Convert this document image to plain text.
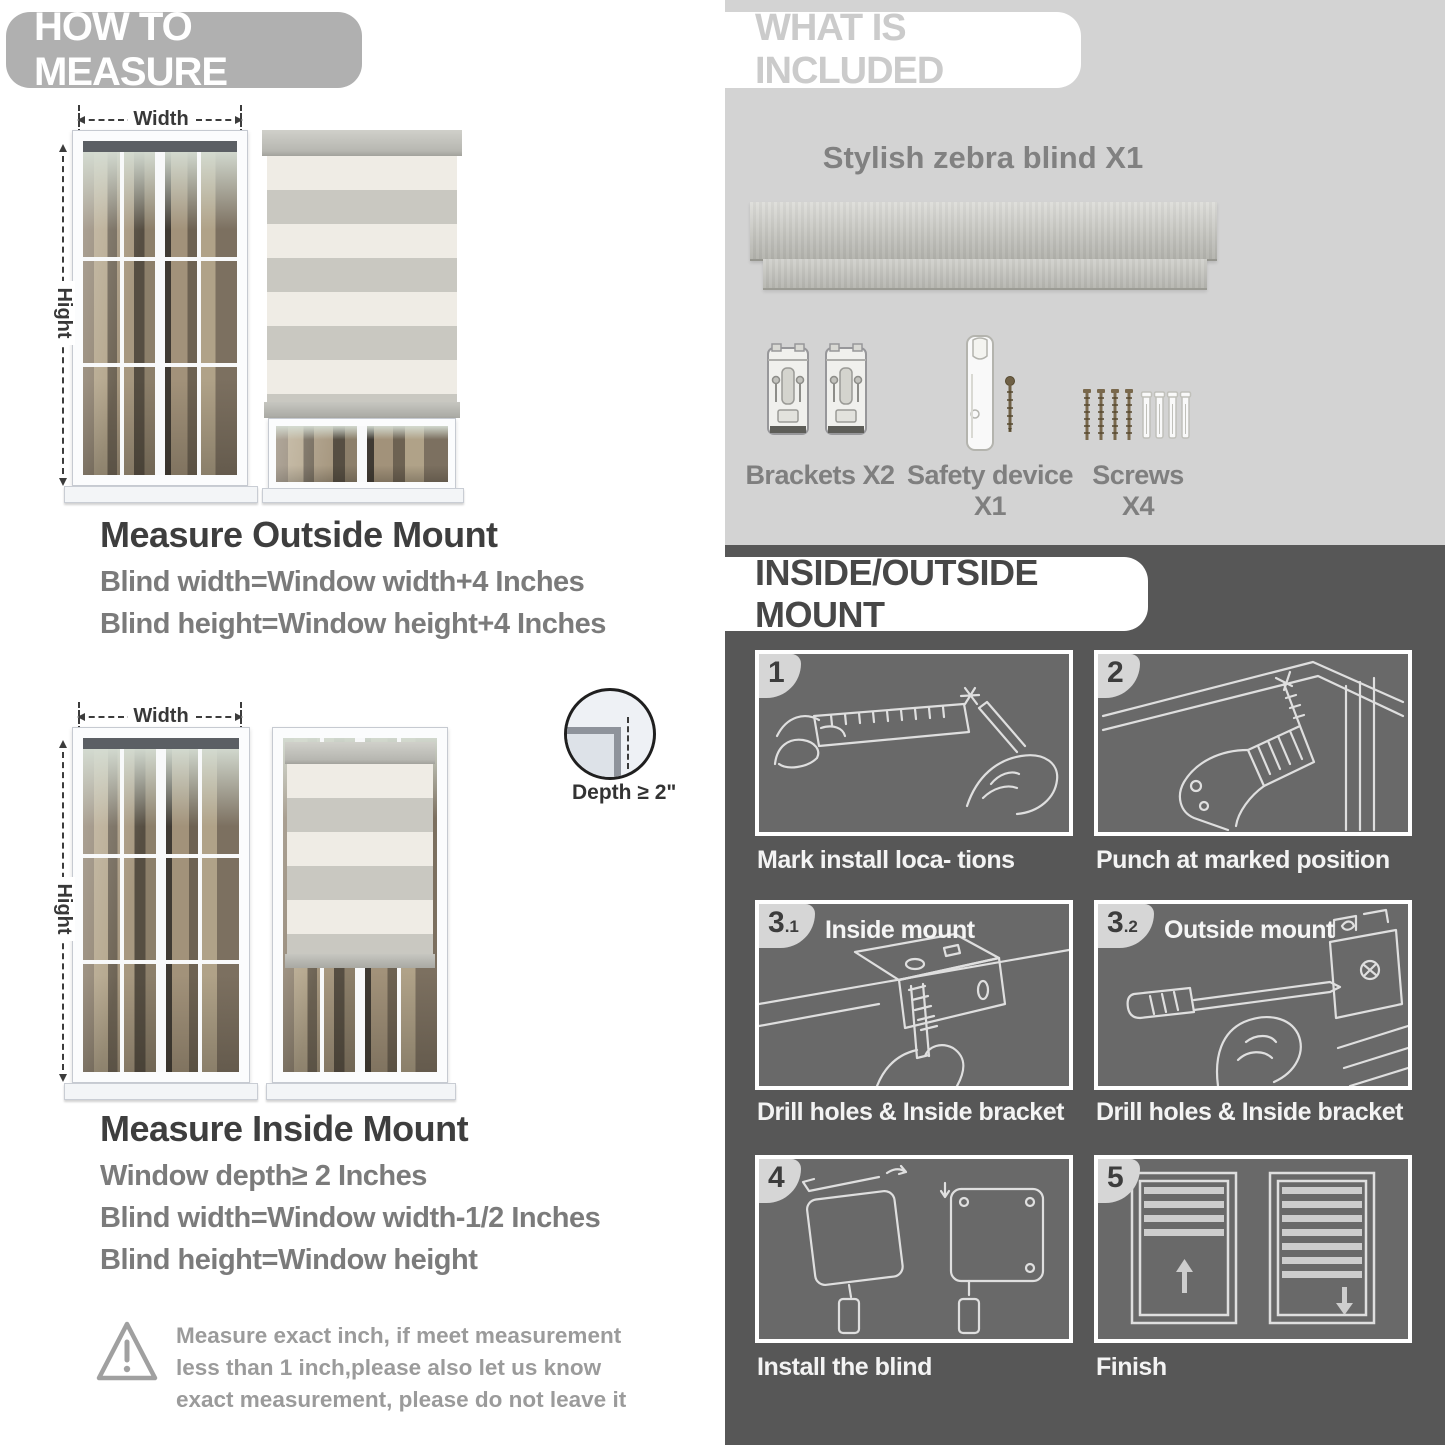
HOW TO MEASURE
Width
Hight
Measure Outside Mount
Blind width=Window width+4 Inches
Blind height=Window height+4 Inches
Width
Hight
Depth ≥ 2"
Measure Inside Mount
Window depth≥ 2 Inches
Blind width=Window width-1/2 Inches
Blind height=Window height
Measure exact inch, if meet measurement less than 1 inch,please also let us know exact measurement, please do not leave it
WHAT IS INCLUDED
Stylish zebra blind X1
Brackets X2 Safety device X1
Screws X4
INSIDE/OUTSIDE MOUNT
1
Mark install loca- tions
2
Punch at marked position
3.1	Inside mount
Drill holes & Inside bracket
3.2	Outside mount
Drill holes & Inside bracket
4
Install the blind
5
Finish
